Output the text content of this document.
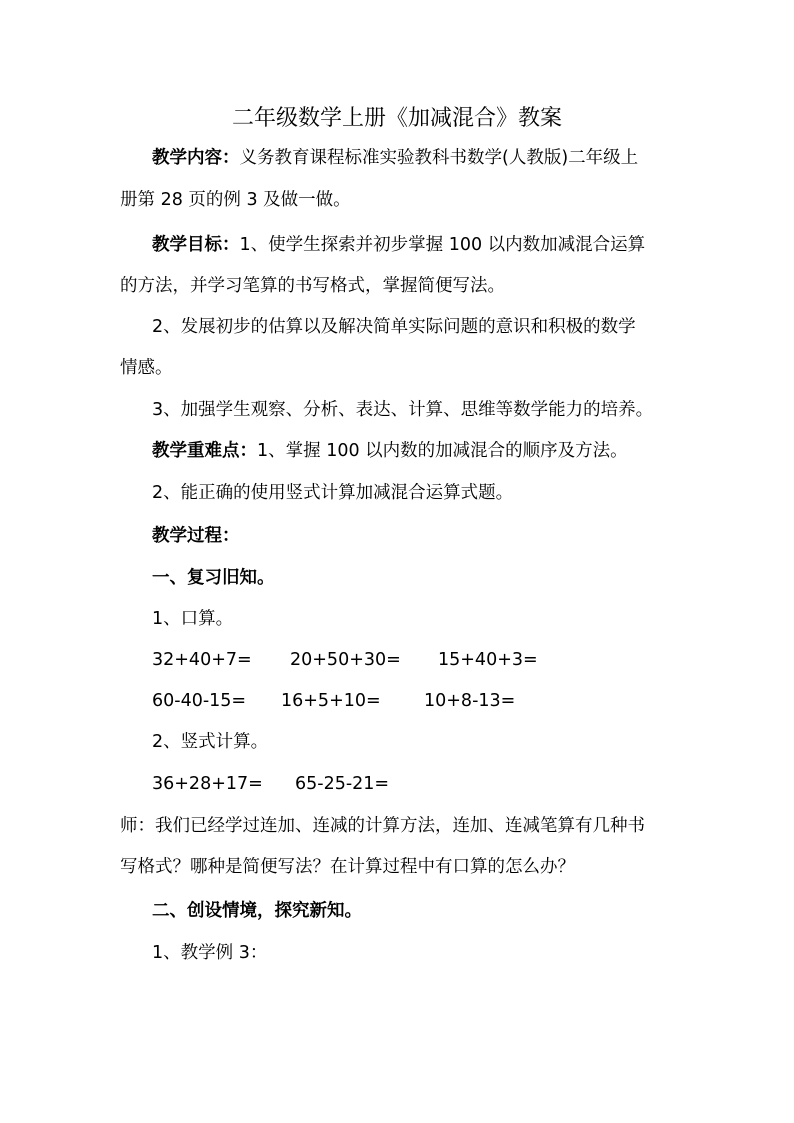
二年级数学上册《加减混合》教案

教学内容：义务教育课程标准实验教科书数学(人教版)二年级上

册第 28 页的例 3 及做一做。

教学目标：1、使学生探索并初步掌握 100 以内数加减混合运算

的方法，并学习笔算的书写格式，掌握简便写法。

2、发展初步的估算以及解决简单实际问题的意识和积极的数学

情感。

3、加强学生观察、分析、表达、计算、思维等数学能力的培养。

教学重难点：1、掌握 100 以内数的加减混合的顺序及方法。

2、能正确的使用竖式计算加减混合运算式题。

教学过程：

一、复习旧知。

1、口算。

32+40+7= 20+50+30= 15+40+3=
60-40-15= 16+5+10= 10+8-13=

2、竖式计算。

36+28+17= 65-25-21=

师：我们已经学过连加、连减的计算方法，连加、连减笔算有几种书

写格式？哪种是简便写法？在计算过程中有口算的怎么办？

二、创设情境，探究新知。

1、教学例 3：
